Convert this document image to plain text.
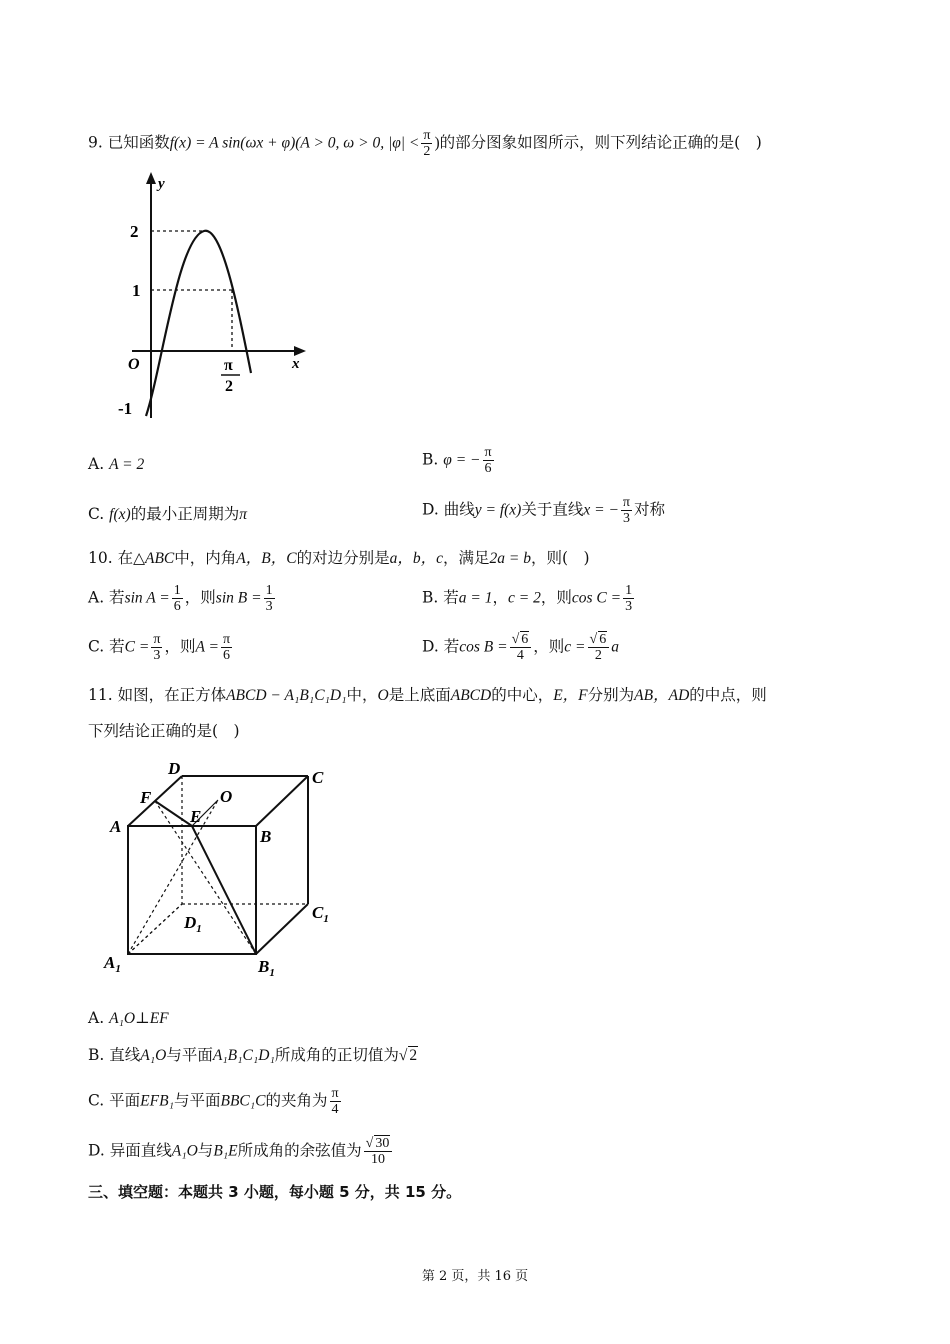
9. 已知函数f(x) = A sin(ωx + φ)(A > 0, ω > 0, $|\varphi| < \frac{\pi}{2}$ )的部分图象如图所示，则下列结论正确的是(　)
y
x
O
2
1
-1
π
2
A. A = 2	B. φ = − $\frac{\pi}{6}$
C. f(x)的最小正周期为π	D. 曲线y = f(x)关于直线x = − $\frac{\pi}{3}$ 对称
10. 在△ABC中，内角A，B，C的对边分别是a，b，c，满足2a = b，则(　)
A. 若$\sin A = \frac{1}{6}$ ，则$\sin B = \frac{1}{3}$	B. 若a = 1，c = 2，则$\cos C = \frac{1}{3}$
C. 若$C = \frac{\pi}{3}$ ，则$A = \frac{\pi}{6}$	D. 若$\cos B = \frac{√ 6}{4}$ ，则$c = \frac{√ 6}{2}$ a
11. 如图，在正方体ABCD − A₁B₁C₁D₁中，O是上底面ABCD的中心，E，F分别为AB，AD的中点，则
下列结论正确的是(　)
D	C
F	O
E
A
B
$D_1$
$C_1$
$A_1$	$B_1$
A. A₁O⊥EF
B. 直线A₁O与平面A₁B₁C₁D₁所成角的正切值为√ 2
C. 平面EFB₁与平面BBC₁C的夹角为 $\frac{\pi}{4}$
D. 异面直线A₁O与B₁E所成角的余弦值为 $\frac{√ 30}{10}$
三、填空题：本题共 3 小题，每小题 5 分，共 15 分。
第 2 页，共 16 页
